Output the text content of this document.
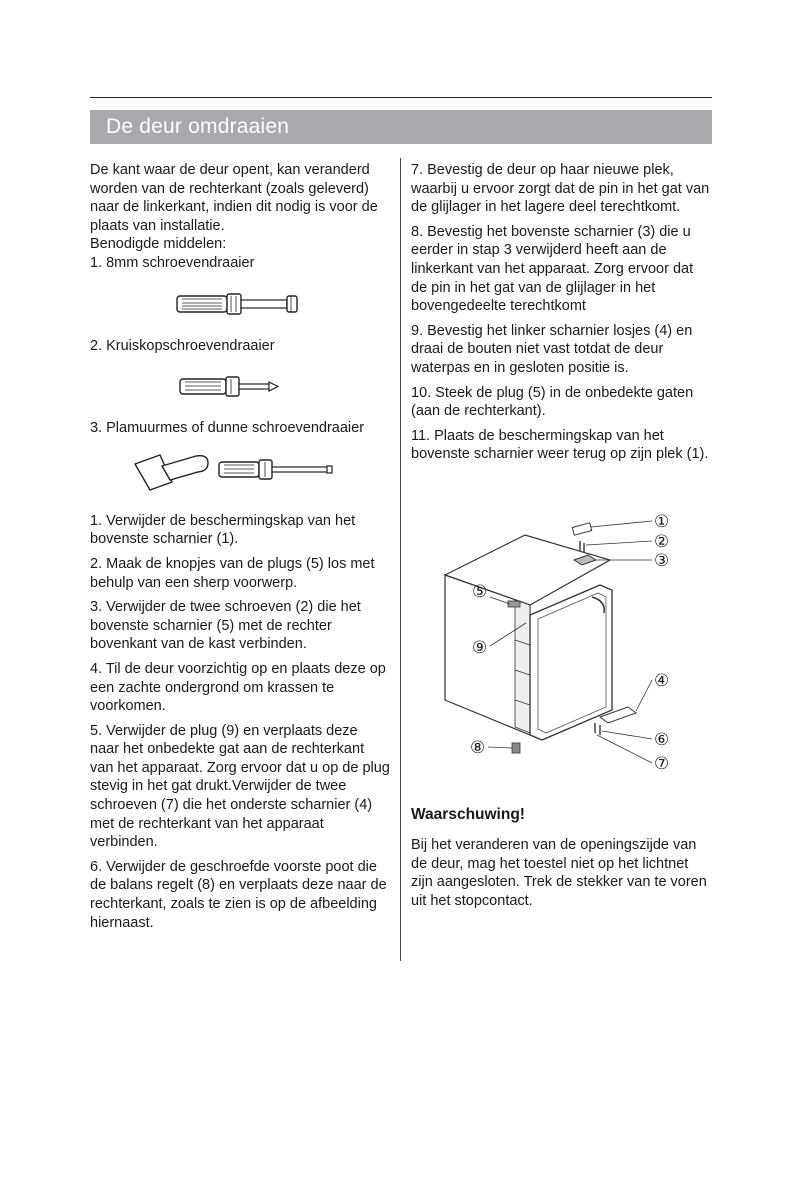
De deur omdraaien

De kant waar de deur opent, kan veranderd worden van de rechterkant (zoals geleverd) naar de linkerkant, indien dit nodig is voor de plaats van installatie.

Benodigde middelen:

1. 8mm schroevendraaier

2. Kruiskopschroevendraaier

3. Plamuurmes of dunne schroevendraaier

1. Verwijder de beschermingskap van het bovenste scharnier (1).

2. Maak de knopjes van de plugs (5) los met behulp van een sherp voorwerp.

3. Verwijder de twee schroeven (2) die het bovenste scharnier (5) met de rechter bovenkant van de kast verbinden.

4. Til de deur voorzichtig op en plaats deze op een zachte ondergrond om krassen te voorkomen.

5. Verwijder de plug (9) en verplaats deze naar het onbedekte gat aan de rechterkant van het apparaat. Zorg ervoor dat u op de plug stevig in het gat drukt.Verwijder de twee schroeven (7) die het onderste scharnier (4) met de rechterkant van het apparaat verbinden.

6. Verwijder de geschroefde voorste poot die de balans regelt (8) en verplaats deze naar de rechterkant, zoals te zien is op de afbeelding hiernaast.

7. Bevestig de deur op haar nieuwe plek, waarbij u ervoor zorgt dat de pin in het gat van de glijlager in het lagere deel terechtkomt.

8. Bevestig het bovenste scharnier (3) die u eerder in stap 3 verwijderd heeft aan de linkerkant van het apparaat. Zorg ervoor dat de pin in het gat van de glijlager in het bovengedeelte terechtkomt

9. Bevestig het linker scharnier losjes (4) en draai de bouten niet vast totdat de deur waterpas en in gesloten positie is.

10. Steek de plug (5) in de onbedekte gaten (aan de rechterkant).

11. Plaats de beschermingskap van het bovenste scharnier weer terug op zijn plek (1).

①
②
③
④
⑤
⑥
⑦
⑧
⑨
Waarschuwing!
Bij het veranderen van de openingszijde van de deur, mag het toestel niet op het lichtnet zijn aangesloten. Trek de stekker van te voren uit het stopcontact.
